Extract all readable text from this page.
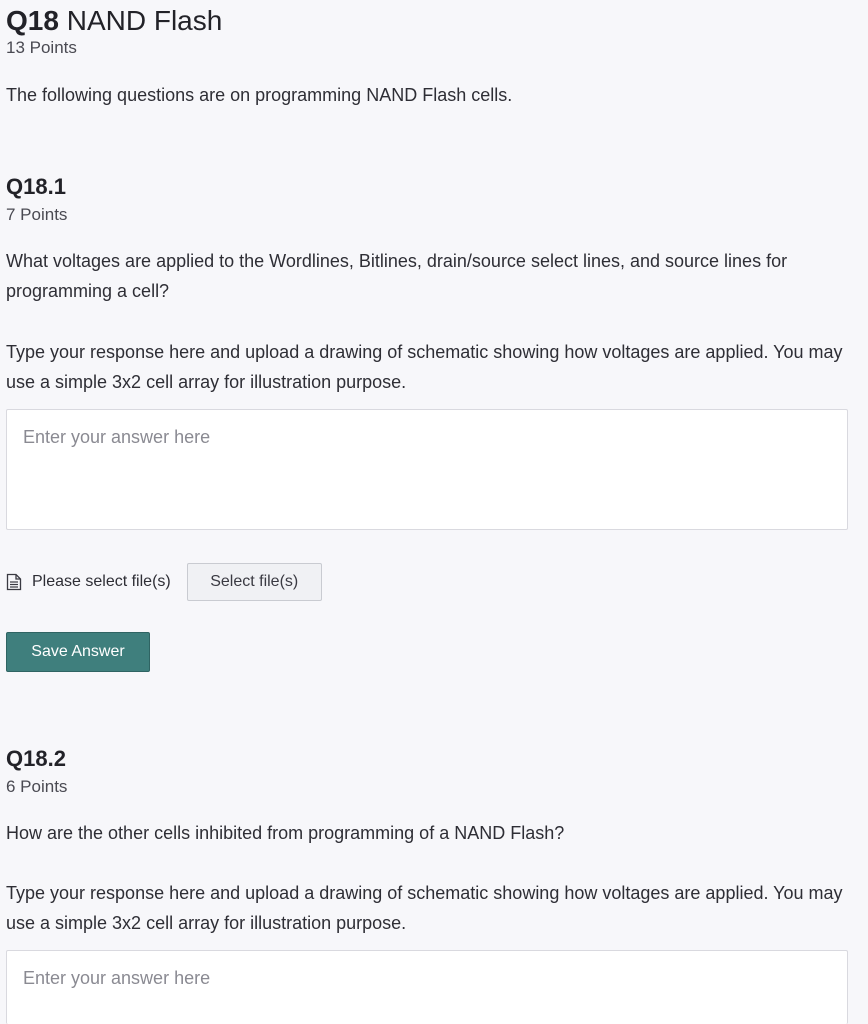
Q18 NAND Flash
13 Points
The following questions are on programming NAND Flash cells.
Q18.1
7 Points
What voltages are applied to the Wordlines, Bitlines, drain/source select lines, and source lines for programming a cell?
Type your response here and upload a drawing of schematic showing how voltages are applied. You may use a simple 3x2 cell array for illustration purpose.
Enter your answer here
Please select file(s)	Select file(s)
Save Answer
Q18.2
6 Points
How are the other cells inhibited from programming of a NAND Flash?
Type your response here and upload a drawing of schematic showing how voltages are applied. You may use a simple 3x2 cell array for illustration purpose.
Enter your answer here
